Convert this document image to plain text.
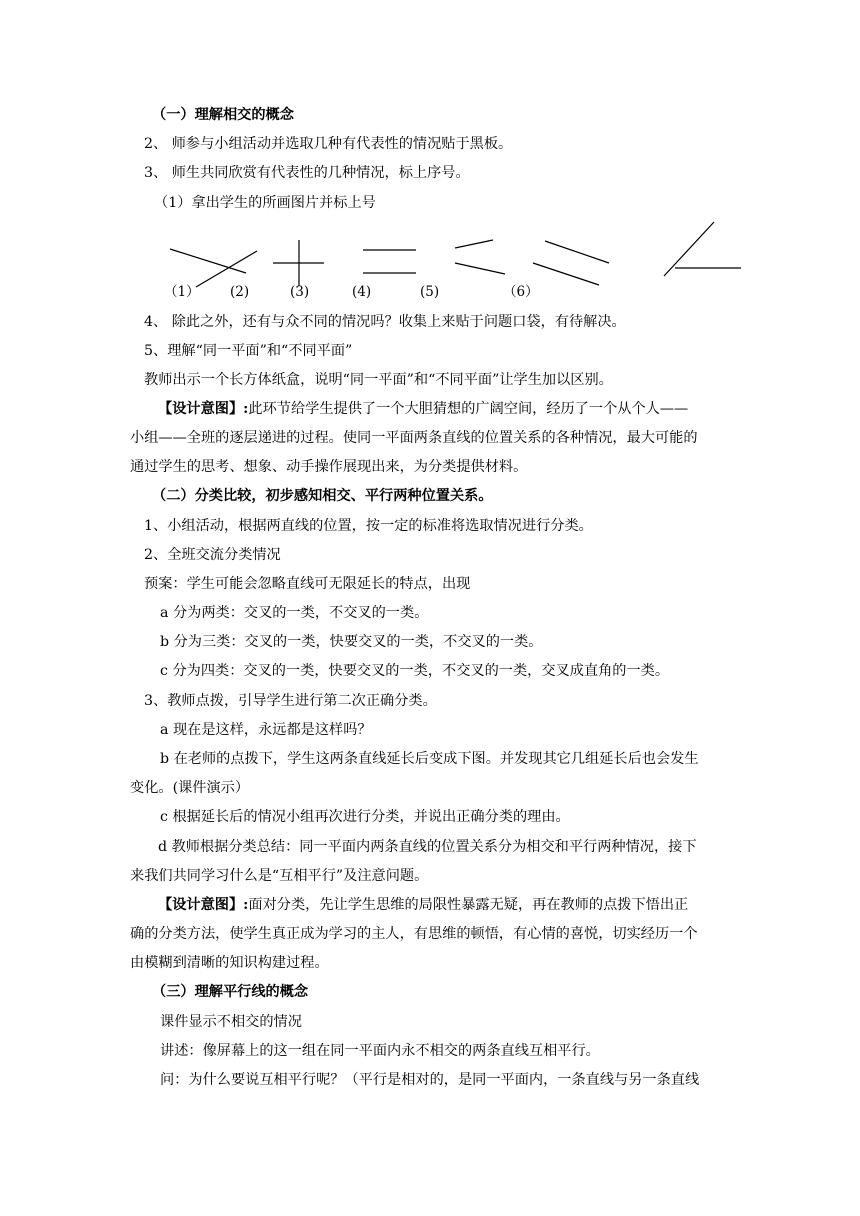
（1） (2)	(3)	(4)	(5)	（6）
（一）理解相交的概念
2、 师参与小组活动并选取几种有代表性的情况贴于黑板。
3、 师生共同欣赏有代表性的几种情况，标上序号。
（1）拿出学生的所画图片并标上号
4、 除此之外，还有与众不同的情况吗？收集上来贴于问题口袋，有待解决。
5、理解“同一平面”和“不同平面”
教师出示一个长方体纸盒，说明“同一平面”和“不同平面”让学生加以区别。
【设计意图】:此环节给学生提供了一个大胆猜想的广阔空间，经历了一个从个人——
小组——全班的逐层递进的过程。使同一平面两条直线的位置关系的各种情况，最大可能的
通过学生的思考、想象、动手操作展现出来，为分类提供材料。
（二）分类比较，初步感知相交、平行两种位置关系。
1、小组活动，根据两直线的位置，按一定的标准将选取情况进行分类。
2、全班交流分类情况
预案：学生可能会忽略直线可无限延长的特点，出现
a 分为两类：交叉的一类，不交叉的一类。
b 分为三类：交叉的一类，快要交叉的一类，不交叉的一类。
c 分为四类：交叉的一类，快要交叉的一类，不交叉的一类，交叉成直角的一类。
3、教师点拨，引导学生进行第二次正确分类。
a 现在是这样，永远都是这样吗？
b 在老师的点拨下，学生这两条直线延长后变成下图。并发现其它几组延长后也会发生
变化。(课件演示）
c 根据延长后的情况小组再次进行分类，并说出正确分类的理由。
d 教师根据分类总结：同一平面内两条直线的位置关系分为相交和平行两种情况，接下
来我们共同学习什么是“互相平行”及注意问题。
【设计意图】:面对分类，先让学生思维的局限性暴露无疑，再在教师的点拨下悟出正
确的分类方法，使学生真正成为学习的主人，有思维的顿悟，有心情的喜悦，切实经历一个
由模糊到清晰的知识构建过程。
（三）理解平行线的概念
课件显示不相交的情况
讲述：像屏幕上的这一组在同一平面内永不相交的两条直线互相平行。
问：为什么要说互相平行呢？（平行是相对的，是同一平面内，一条直线与另一条直线
